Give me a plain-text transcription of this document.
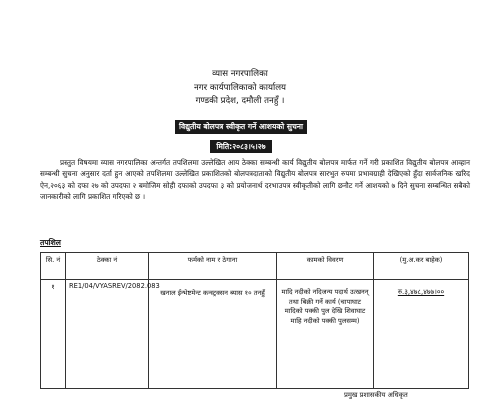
व्यास नगरपालिका
नगर कार्यपालिकाको कार्यालय
गण्डकी प्रदेश, दमौली तनहुँ ।
विद्युतीय बोलपत्र स्वीकृत गर्ने आशयको सुचना
मिति:२०८३।५।२७
प्रस्तुत विषयमा व्यास नगरपालिका अन्तर्गत तपशिलमा उल्लेखित आय ठेक्का सम्बन्धी कार्य विद्युतीय बोलपत्र मार्फत गर्ने गरी प्रकाशित विद्युतीय बोलपत्र आव्हान सम्बन्धी सुचना अनुसार दर्ता हुन आएको तपशिलमा उल्लेखित प्रकाशितको बोलपत्रदाताको विद्युतीय बोलपत्र सारभुत रुपमा प्रभावग्राही देखिएको हुँदा सार्वजनिक खरिद ऐन,२०६३ को दफा २७ को उपदफा २ बमोजिम सोही दफाको उपदफा ३ को प्रयोजनार्थ दरभाउपत्र स्वीकृतीको लागि छनौट गर्ने आशयको ७ दिने सुचना सम्बन्धित सबैको जानकारीको लागि प्रकाशित गरिएको छ ।
तपशिल
सि. नं	ठेक्का नं	फर्मको नाम र ठेगाना	कामको विवरण	(मु.अ.कर बाहेक)
१	RE1/04/VYASREV/2082.083	खनाल ईन्भेष्टमेन्ट कन्स्ट्रक्सन ब्यास १० तनहुँ	मादि नदीको नदिजन्य पदार्थ उत्खनन् तथा बिक्री गर्ने कार्य (चापाघाट मादिको पक्की पुल देखि शिवाघाट माहि नदीको पक्की पुलसम्म)	रु.३,४७८,४७७।००
प्रमुख प्रशासकीय अधिकृत
